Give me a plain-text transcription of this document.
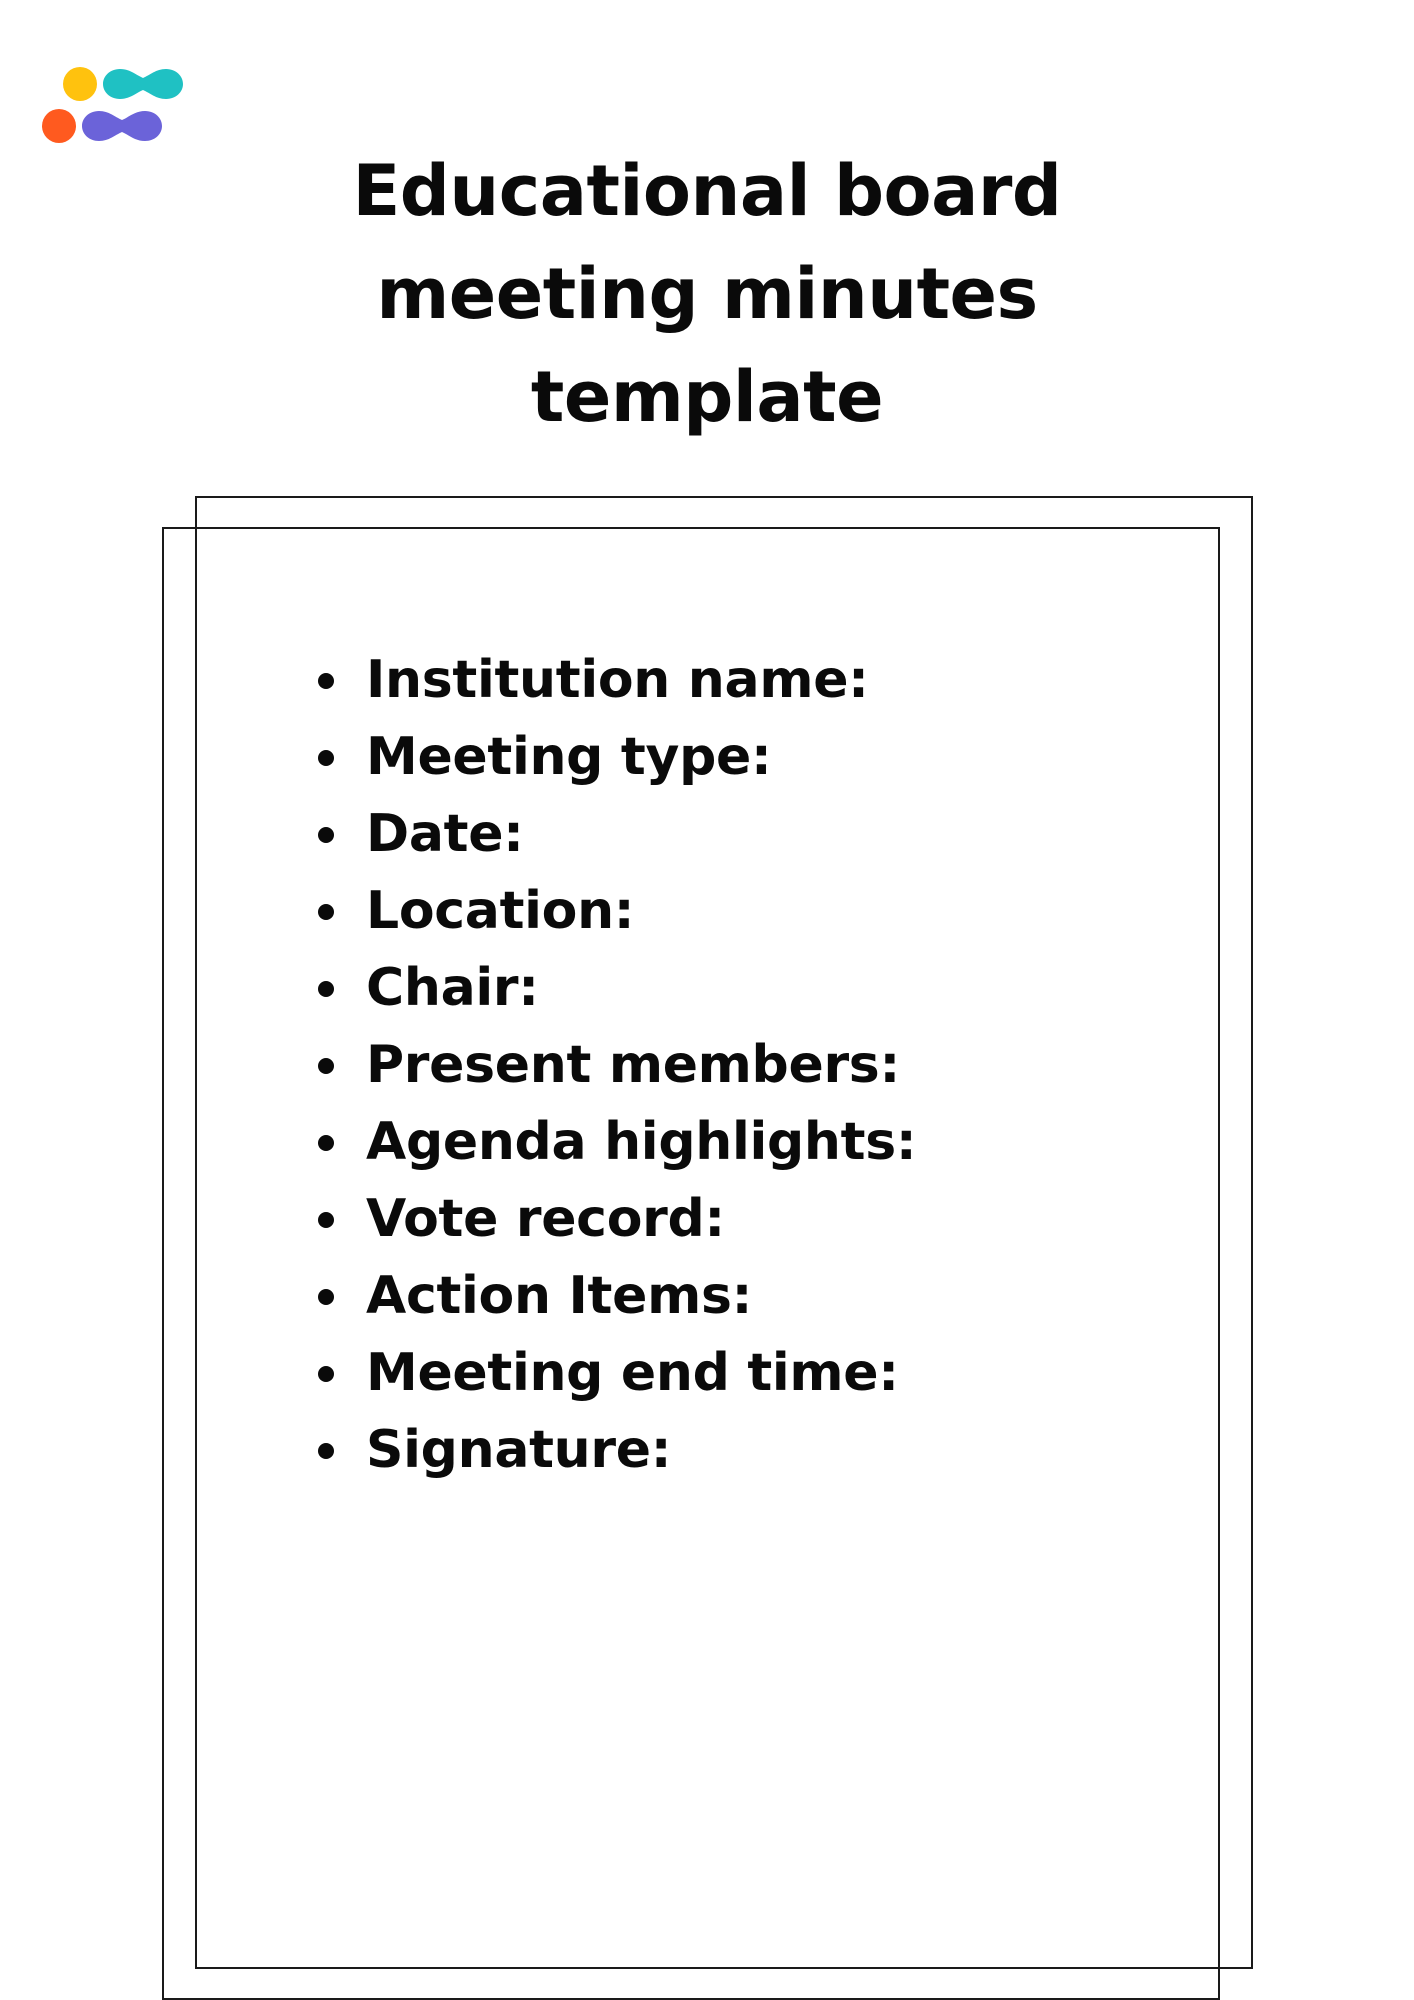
Educational board meeting minutes template
Institution name:
Meeting type:
Date:
Location:
Chair:
Present members:
Agenda highlights:
Vote record:
Action Items:
Meeting end time:
Signature:
